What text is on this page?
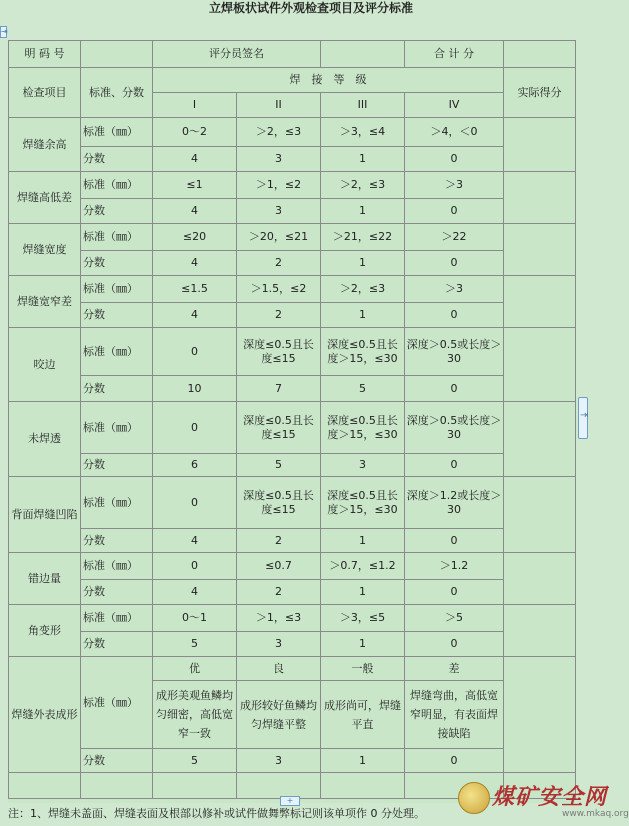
立焊板状试件外观检查项目及评分标准
⇥
明 码 号		评分员签名			合 计 分	
检查项目	标准、分数	焊　接　等　级				实际得分
		I	II	III	IV	
焊缝余高	标准（㎜）	0～2	＞2，≤3	＞3，≤4	＞4，＜0	
	分数	4	3	1	0	
焊缝高低差	标准（㎜）	≤1	＞1，≤2	＞2，≤3	＞3	
	分数	4	3	1	0	
焊缝宽度	标准（㎜）	≤20	＞20，≤21	＞21，≤22	＞22	
	分数	4	2	1	0	
焊缝宽窄差	标准（㎜）	≤1.5	＞1.5，≤2	＞2，≤3	＞3	
	分数	4	2	1	0	
咬边	标准（㎜）	0	深度≤0.5且长度≤15	深度≤0.5且长度＞15，≤30	深度＞0.5或长度＞30	
	分数	10	7	5	0	
未焊透	标准（㎜）	0	深度≤0.5且长度≤15	深度≤0.5且长度＞15，≤30	深度＞0.5或长度＞30	
	分数	6	5	3	0	
背面焊缝凹陷	标准（㎜）	0	深度≤0.5且长度≤15	深度≤0.5且长度＞15，≤30	深度＞1.2或长度＞30	
	分数	4	2	1	0	
错边量	标准（㎜）	0	≤0.7	＞0.7，≤1.2	＞1.2	
	分数	4	2	1	0	
角变形	标准（㎜）	0～1	＞1，≤3	＞3，≤5	＞5	
	分数	5	3	1	0	
焊缝外表成形	标准（㎜）	优	良	一般	差	
		成形美观鱼鳞均匀细密，高低宽窄一致	成形较好鱼鳞均匀焊缝平整	成形尚可，焊缝平直	焊缝弯曲，高低宽窄明显，有表面焊接缺陷	
	分数	5	3	1	0	

⇥
+
注：1、焊缝未盖面、焊缝表面及根部以修补或试件做舞弊标记则该单项作 0 分处理。
煤矿安全网
www.mkaq.org
